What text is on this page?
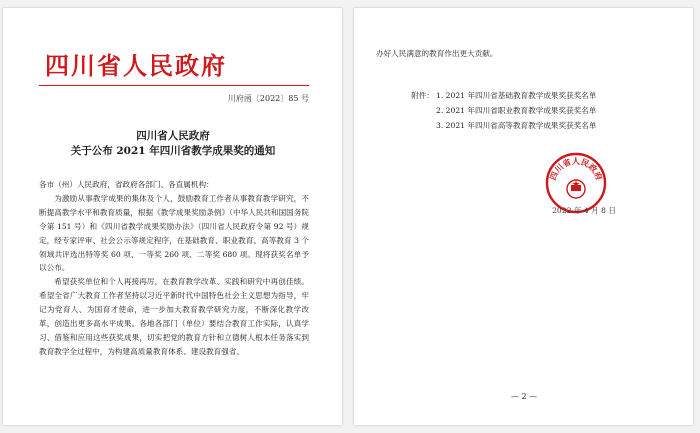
四川省人民政府
川府函〔2022〕85 号
四川省人民政府
关于公布 2021 年四川省教学成果奖的通知

各市（州）人民政府，省政府各部门、各直属机构：

为激励从事教学成果的集体及个人，鼓励教育工作者从事教育教学研究，不断提高教学水平和教育质量，根据《教学成果奖励条例》（中华人民共和国国务院令第 151 号）和《四川省教学成果奖励办法》（四川省人民政府令第 92 号）规定，经专家评审、社会公示等规定程序，在基础教育、职业教育、高等教育 3 个领域共评选出特等奖 60 项、一等奖 260 项、二等奖 680 项。现将获奖名单予以公布。

希望获奖单位和个人再接再厉，在教育教学改革、实践和研究中再创佳绩。希望全省广大教育工作者坚持以习近平新时代中国特色社会主义思想为指导，牢记为党育人、为国育才使命，进一步加大教育教学研究力度，不断深化教学改革，创造出更多高水平成果。各地各部门（单位）要结合教育工作实际，认真学习、借鉴和应用这些获奖成果，切实把党的教育方针和立德树人根本任务落实到教育教学全过程中，为构建高质量教育体系、建设教育强省、

办好人民满意的教育作出更大贡献。
附件： 1. 2021 年四川省基础教育教学成果奖获奖名单
2. 2021 年四川省职业教育教学成果奖获奖名单
3. 2021 年四川省高等教育教学成果奖获奖名单
四川省人民政府
2022 年 4 月 8 日
— 2 —
